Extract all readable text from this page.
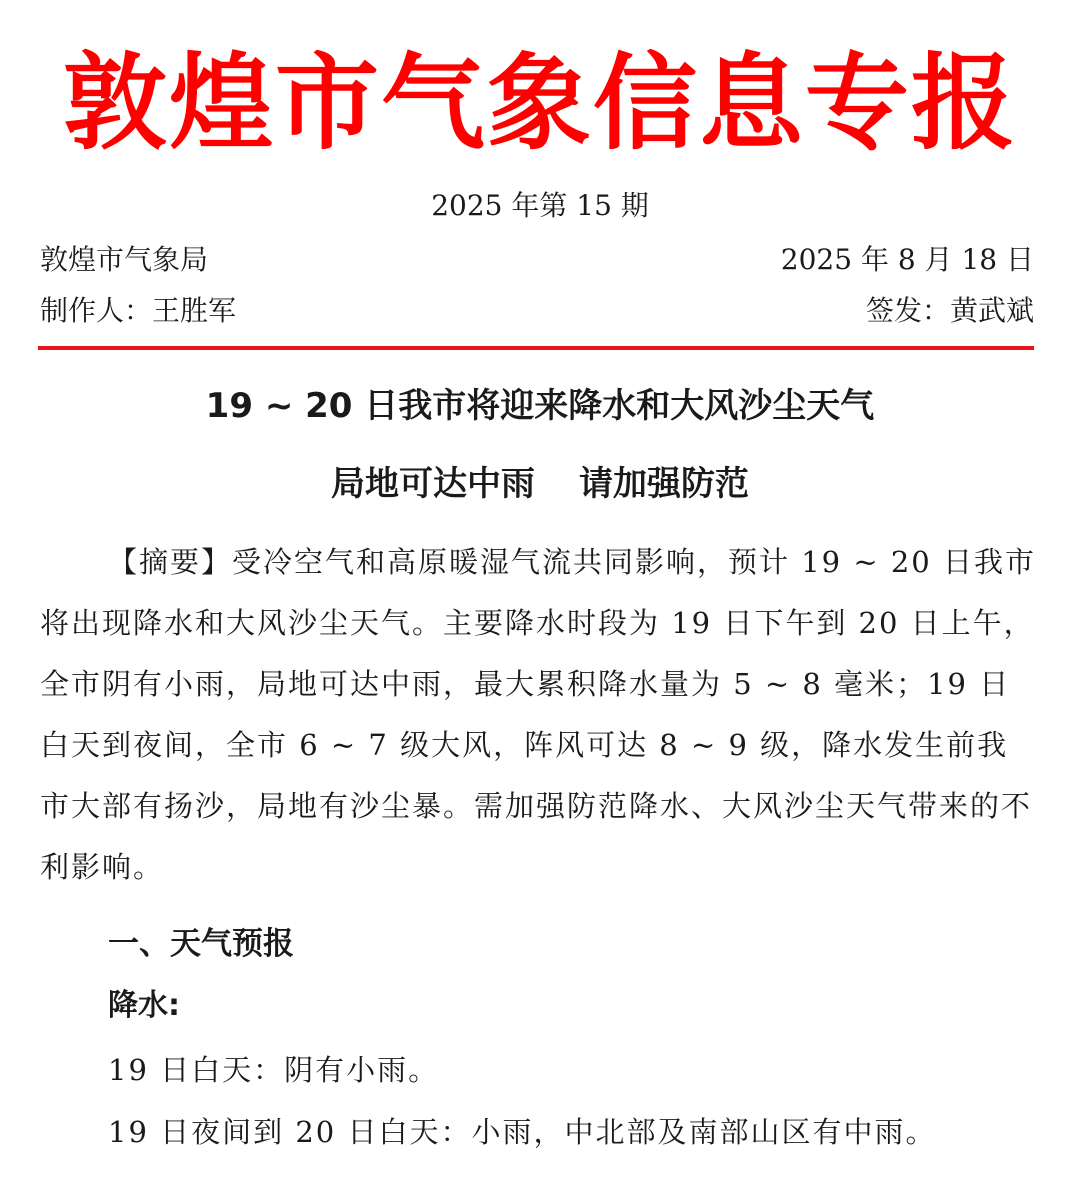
敦煌市气象信息专报
2025 年第 15 期
敦煌市气象局	2025 年 8 月 18 日
制作人：王胜军	签发：黄武斌
19 ~ 20 日我市将迎来降水和大风沙尘天气
局地可达中雨 请加强防范

【摘要】受冷空气和高原暖湿气流共同影响，预计 19 ~ 20 日我市将出现降水和大风沙尘天气。主要降水时段为 19 日下午到 20 日上午，全市阴有小雨，局地可达中雨，最大累积降水量为 5 ~ 8 毫米；19 日白天到夜间，全市 6 ~ 7 级大风，阵风可达 8 ~ 9 级，降水发生前我市大部有扬沙，局地有沙尘暴。需加强防范降水、大风沙尘天气带来的不利影响。

一、天气预报
降水:
19 日白天：阴有小雨。
19 日夜间到 20 日白天：小雨，中北部及南部山区有中雨。
